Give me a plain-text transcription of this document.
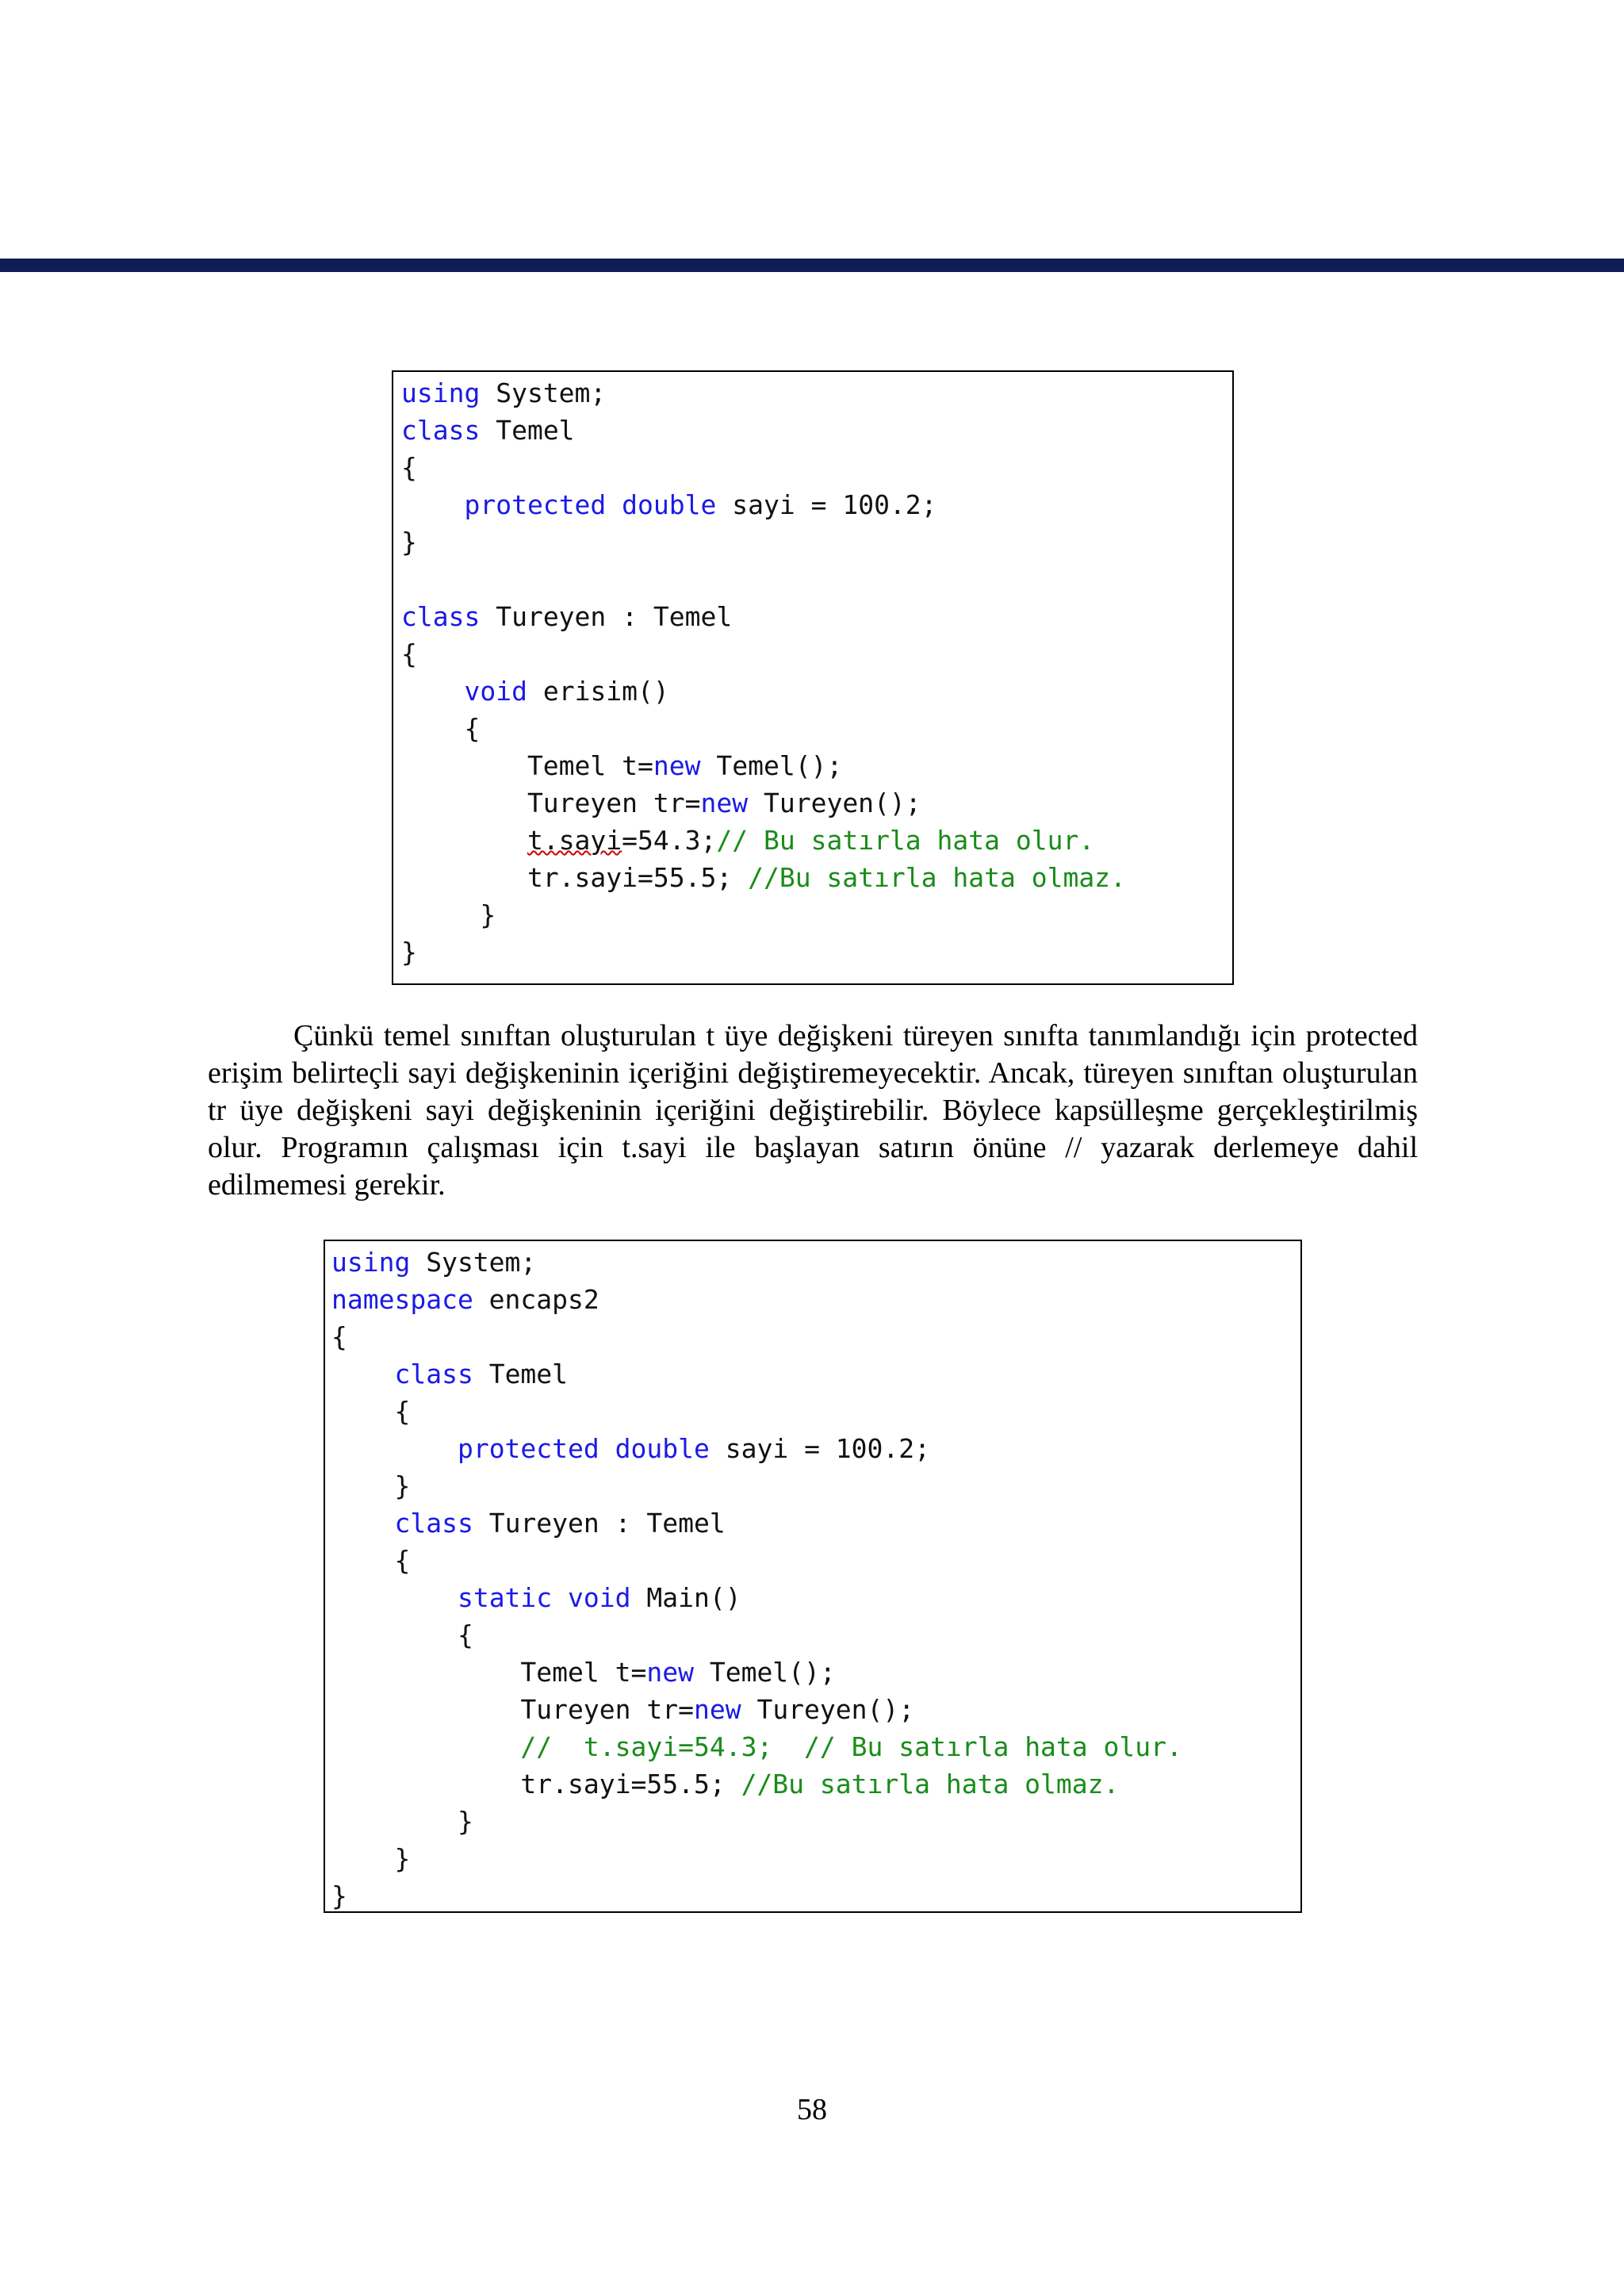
using System;
class Temel
{
protected double sayi = 100.2;
}
class Tureyen : Temel
{
void erisim()
{
Temel t=new Temel();
Tureyen tr=new Tureyen();
t.sayi=54.3;// Bu satırla hata olur.
tr.sayi=55.5; //Bu satırla hata olmaz.
}
}

Çünkü temel sınıftan oluşturulan t üye değişkeni türeyen sınıfta tanımlandığı için protected erişim belirteçli sayi değişkeninin içeriğini değiştiremeyecektir. Ancak, türeyen sınıftan oluşturulan tr üye değişkeni sayi değişkeninin içeriğini değiştirebilir. Böylece kapsülleşme gerçekleştirilmiş olur. Programın çalışması için t.sayi ile başlayan satırın önüne // yazarak derlemeye dahil edilmemesi gerekir.

using System;
namespace encaps2
{
class Temel
{
protected double sayi = 100.2;
}
class Tureyen : Temel
{
static void Main()
{
Temel t=new Temel();
Tureyen tr=new Tureyen();
//  t.sayi=54.3;  // Bu satırla hata olur.
tr.sayi=55.5; //Bu satırla hata olmaz.
}
}
}
58
